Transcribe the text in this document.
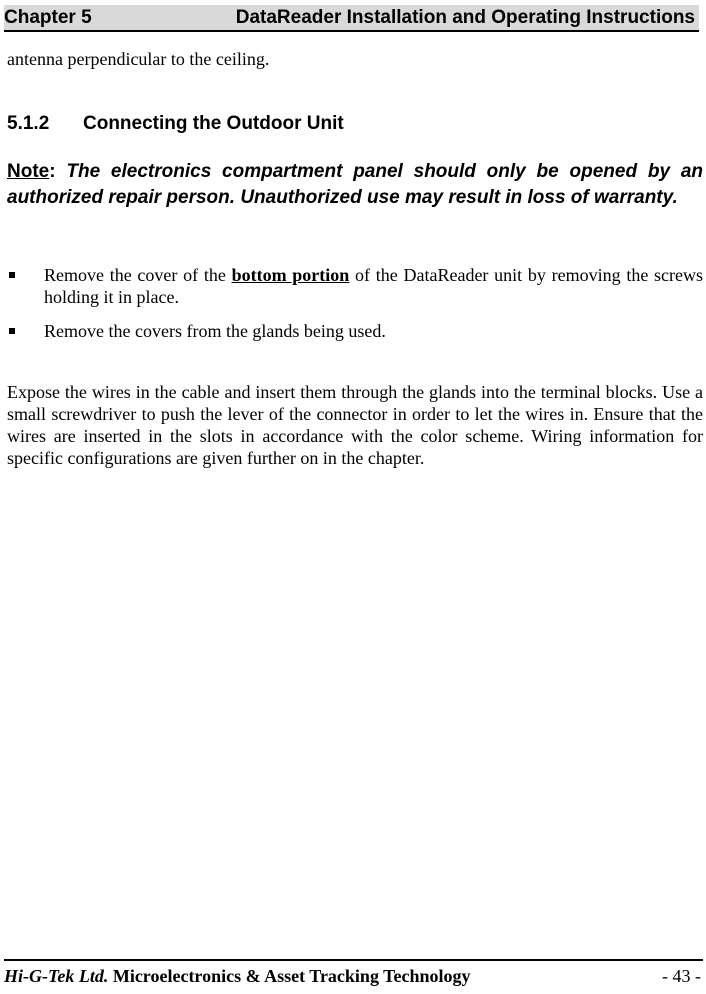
Chapter 5	DataReader Installation and Operating Instructions
antenna perpendicular to the ceiling.
5.1.2 Connecting the Outdoor Unit
Note: The electronics compartment panel should only be opened by an authorized repair person. Unauthorized use may result in loss of warranty.
Remove the cover of the bottom portion of the DataReader unit by removing the screws holding it in place.
Remove the covers from the glands being used.
Expose the wires in the cable and insert them through the glands into the terminal blocks. Use a small screwdriver to push the lever of the connector in order to let the wires in. Ensure that the wires are inserted in the slots in accordance with the color scheme. Wiring information for specific configurations are given further on in the chapter.
Hi-G-Tek Ltd. Microelectronics & Asset Tracking Technology	- 43 -
